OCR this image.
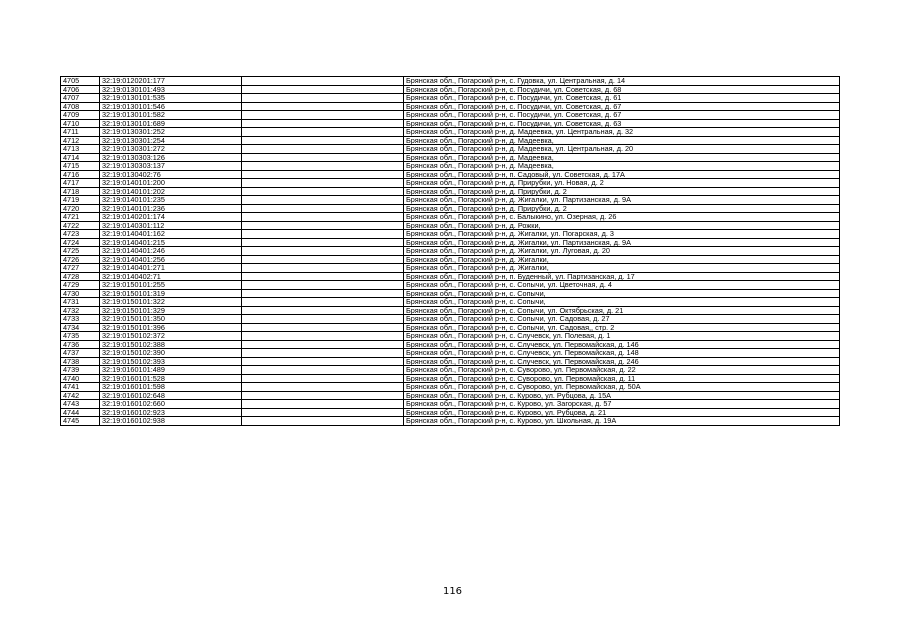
4705	32:19:0120201:177		Брянская обл., Погарский р-н, с. Гудовка, ул. Центральная, д. 14
4706	32:19:0130101:493		Брянская обл., Погарский р-н, с. Посудичи, ул. Советская, д. 68
4707	32:19:0130101:535		Брянская обл., Погарский р-н, с. Посудичи, ул. Советская, д. 61
4708	32:19:0130101:546		Брянская обл., Погарский р-н, с. Посудичи, ул. Советская, д. 67
4709	32:19:0130101:582		Брянская обл., Погарский р-н, с. Посудичи, ул. Советская, д. 67
4710	32:19:0130101:689		Брянская обл., Погарский р-н, с. Посудичи, ул. Советская, д. 63
4711	32:19:0130301:252		Брянская обл., Погарский р-н, д. Мадеевка, ул. Центральная, д. 32
4712	32:19:0130301:254		Брянская обл., Погарский р-н, д. Мадеевка,
4713	32:19:0130301:272		Брянская обл., Погарский р-н, д. Мадеевка, ул. Центральная, д. 20
4714	32:19:0130303:126		Брянская обл., Погарский р-н, д. Мадеевка,
4715	32:19:0130303:137		Брянская обл., Погарский р-н, д. Мадеевка,
4716	32:19:0130402:76		Брянская обл., Погарский р-н, п. Садовый, ул. Советская, д. 17А
4717	32:19:0140101:200		Брянская обл., Погарский р-н, д. Прирубки, ул. Новая, д. 2
4718	32:19:0140101:202		Брянская обл., Погарский р-н, д. Прирубки, д. 2
4719	32:19:0140101:235		Брянская обл., Погарский р-н, д. Жигалки, ул. Партизанская, д. 9А
4720	32:19:0140101:236		Брянская обл., Погарский р-н, д. Прирубки, д. 2
4721	32:19:0140201:174		Брянская обл., Погарский р-н, с. Балыкино, ул. Озерная, д. 26
4722	32:19:0140301:112		Брянская обл., Погарский р-н, д. Рожки,
4723	32:19:0140401:162		Брянская обл., Погарский р-н, д. Жигалки, ул. Погарская, д. 3
4724	32:19:0140401:215		Брянская обл., Погарский р-н, д. Жигалки, ул. Партизанская, д. 9А
4725	32:19:0140401:246		Брянская обл., Погарский р-н, д. Жигалки, ул. Луговая, д. 20
4726	32:19:0140401:256		Брянская обл., Погарский р-н, д. Жигалки,
4727	32:19:0140401:271		Брянская обл., Погарский р-н, д. Жигалки,
4728	32:19:0140402:71		Брянская обл., Погарский р-н, п. Буденный, ул. Партизанская, д. 17
4729	32:19:0150101:255		Брянская обл., Погарский р-н, с. Сопычи, ул. Цветочная, д. 4
4730	32:19:0150101:319		Брянская обл., Погарский р-н, с. Сопычи,
4731	32:19:0150101:322		Брянская обл., Погарский р-н, с. Сопычи,
4732	32:19:0150101:329		Брянская обл., Погарский р-н, с. Сопычи, ул. Октябрьская, д. 21
4733	32:19:0150101:350		Брянская обл., Погарский р-н, с. Сопычи, ул. Садовая, д. 27
4734	32:19:0150101:396		Брянская обл., Погарский р-н, с. Сопычи, ул. Садовая,, стр. 2
4735	32:19:0150102:372		Брянская обл., Погарский р-н, с. Случевск, ул. Полевая, д. 1
4736	32:19:0150102:388		Брянская обл., Погарский р-н, с. Случевск, ул. Первомайская, д. 146
4737	32:19:0150102:390		Брянская обл., Погарский р-н, с. Случевск, ул. Первомайская, д. 148
4738	32:19:0150102:393		Брянская обл., Погарский р-н, с. Случевск, ул. Первомайская, д. 246
4739	32:19:0160101:489		Брянская обл., Погарский р-н, с. Суворово, ул. Первомайская, д. 22
4740	32:19:0160101:528		Брянская обл., Погарский р-н, с. Суворово, ул. Первомайская, д. 11
4741	32:19:0160101:598		Брянская обл., Погарский р-н, с. Суворово, ул. Первомайская, д. 50А
4742	32:19:0160102:648		Брянская обл., Погарский р-н, с. Курово, ул. Рубцова, д. 15А
4743	32:19:0160102:660		Брянская обл., Погарский р-н, с. Курово, ул. Загорская, д. 57
4744	32:19:0160102:923		Брянская обл., Погарский р-н, с. Курово, ул. Рубцова, д. 21
4745	32:19:0160102:938		Брянская обл., Погарский р-н, с. Курово, ул. Школьная, д. 19А
116
